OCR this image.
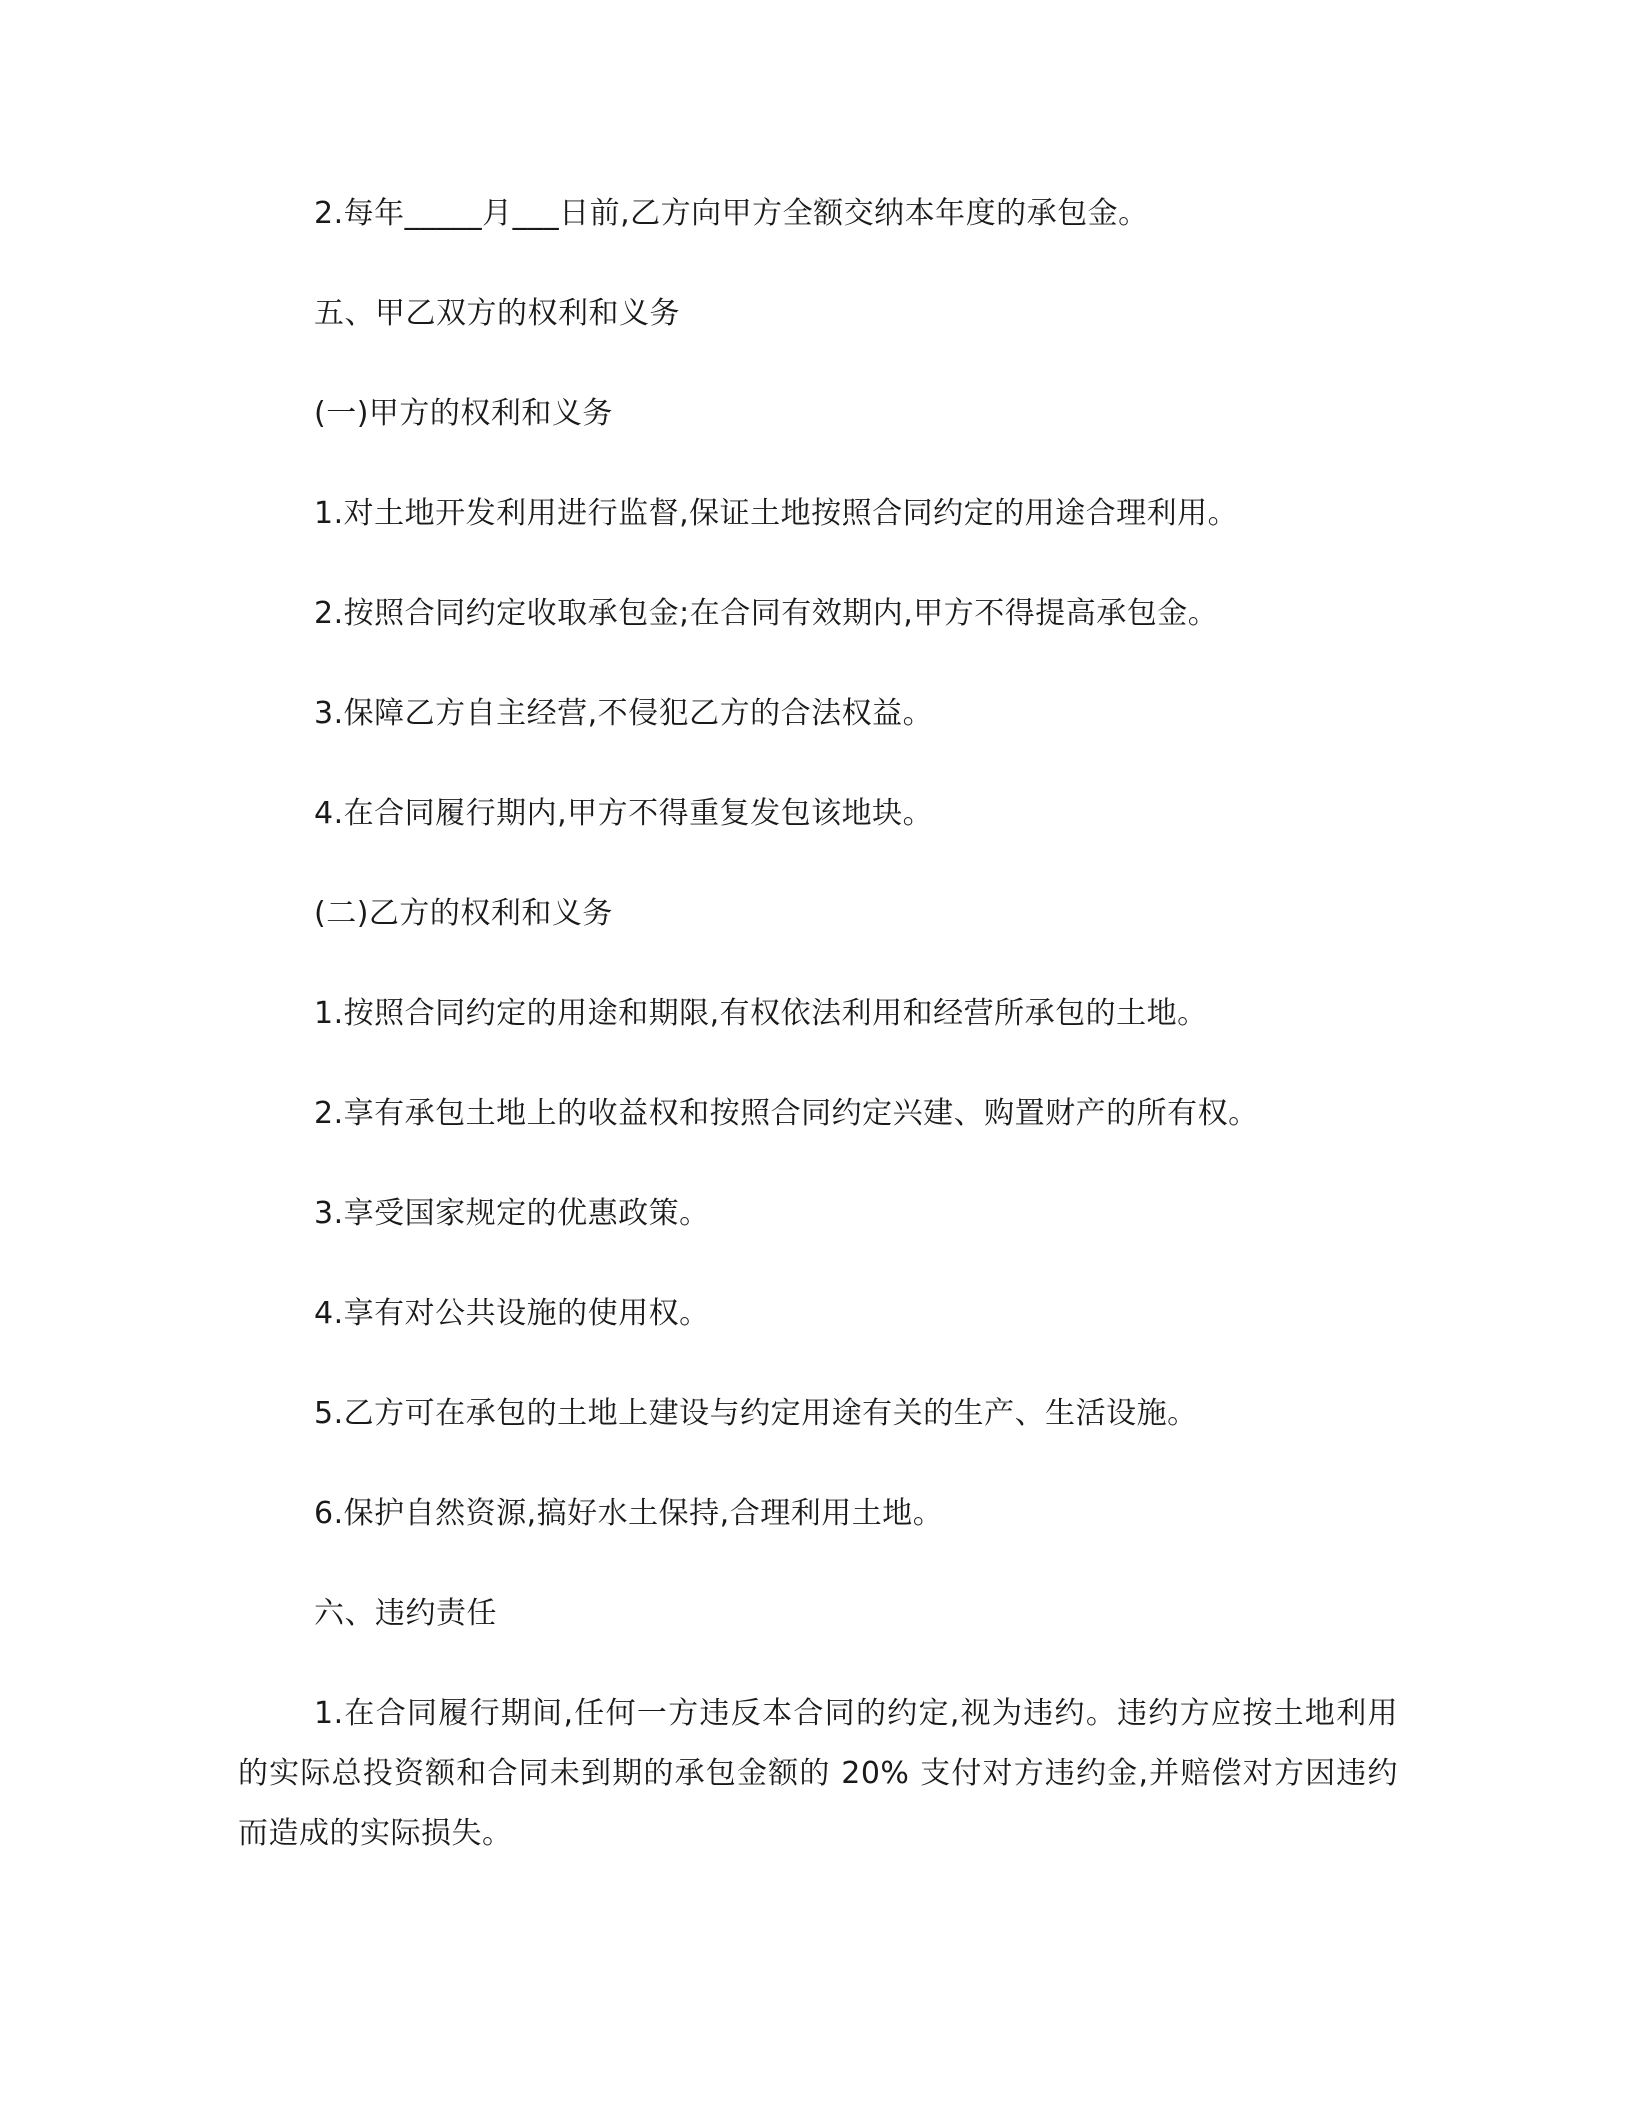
2.每年_____月___日前,乙方向甲方全额交纳本年度的承包金。
五、甲乙双方的权利和义务
(一)甲方的权利和义务
1.对土地开发利用进行监督,保证土地按照合同约定的用途合理利用。
2.按照合同约定收取承包金;在合同有效期内,甲方不得提高承包金。
3.保障乙方自主经营,不侵犯乙方的合法权益。
4.在合同履行期内,甲方不得重复发包该地块。
(二)乙方的权利和义务
1.按照合同约定的用途和期限,有权依法利用和经营所承包的土地。
2.享有承包土地上的收益权和按照合同约定兴建、购置财产的所有权。
3.享受国家规定的优惠政策。
4.享有对公共设施的使用权。
5.乙方可在承包的土地上建设与约定用途有关的生产、生活设施。
6.保护自然资源,搞好水土保持,合理利用土地。
六、违约责任
1.在合同履行期间,任何一方违反本合同的约定,视为违约。违约方应按土地利用的实际总投资额和合同未到期的承包金额的 20% 支付对方违约金,并赔偿对方因违约而造成的实际损失。
